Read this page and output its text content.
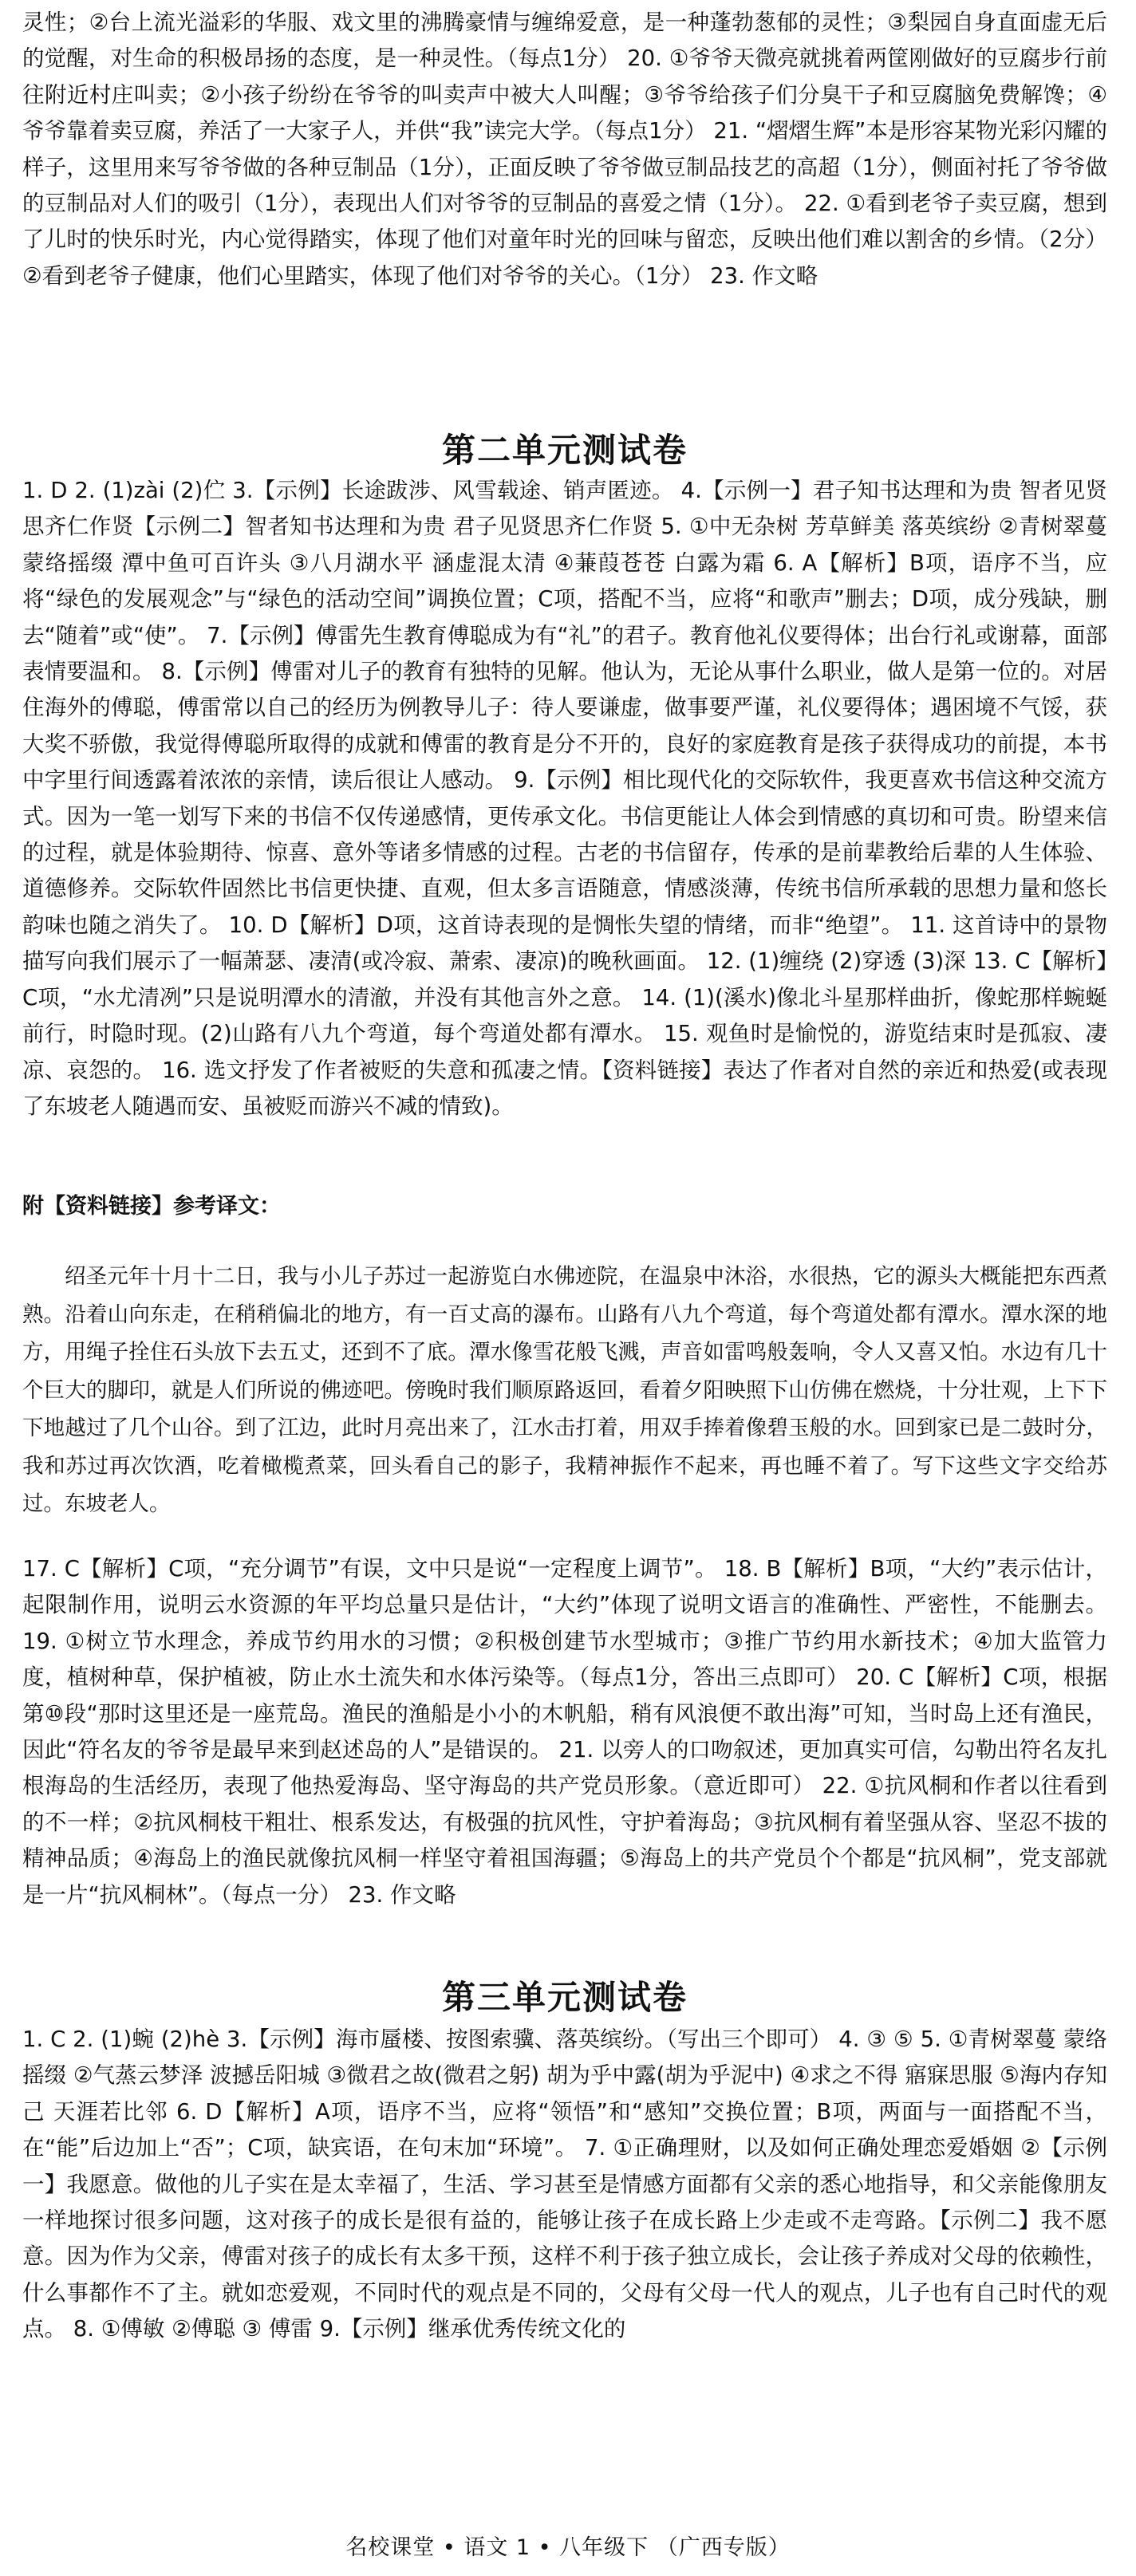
灵性；②台上流光溢彩的华服、戏文里的沸腾豪情与缠绵爱意，是一种蓬勃葱郁的灵性；③梨园自身直面虚无后的觉醒，对生命的积极昂扬的态度，是一种灵性。（每点1分） 20. ①爷爷天微亮就挑着两筐刚做好的豆腐步行前往附近村庄叫卖；②小孩子纷纷在爷爷的叫卖声中被大人叫醒；③爷爷给孩子们分臭干子和豆腐脑免费解馋；④爷爷靠着卖豆腐，养活了一大家子人，并供“我”读完大学。（每点1分） 21. “熠熠生辉”本是形容某物光彩闪耀的样子，这里用来写爷爷做的各种豆制品（1分），正面反映了爷爷做豆制品技艺的高超（1分），侧面衬托了爷爷做的豆制品对人们的吸引（1分），表现出人们对爷爷的豆制品的喜爱之情（1分）。 22. ①看到老爷子卖豆腐，想到了儿时的快乐时光，内心觉得踏实，体现了他们对童年时光的回味与留恋，反映出他们难以割舍的乡情。（2分）②看到老爷子健康，他们心里踏实，体现了他们对爷爷的关心。（1分） 23. 作文略

第二单元测试卷

1. D 2. (1)zài (2)伫 3.【示例】长途跋涉、风雪载途、销声匿迹。 4.【示例一】君子知书达理和为贵 智者见贤思齐仁作贤【示例二】智者知书达理和为贵 君子见贤思齐仁作贤 5. ①中无杂树 芳草鲜美 落英缤纷 ②青树翠蔓 蒙络摇缀 潭中鱼可百许头 ③八月湖水平 涵虚混太清 ④蒹葭苍苍 白露为霜 6. A【解析】B项，语序不当，应将“绿色的发展观念”与“绿色的活动空间”调换位置；C项，搭配不当，应将“和歌声”删去；D项，成分残缺，删去“随着”或“使”。 7.【示例】傅雷先生教育傅聪成为有“礼”的君子。教育他礼仪要得体；出台行礼或谢幕，面部表情要温和。 8.【示例】傅雷对儿子的教育有独特的见解。他认为，无论从事什么职业，做人是第一位的。对居住海外的傅聪，傅雷常以自己的经历为例教导儿子：待人要谦虚，做事要严谨，礼仪要得体；遇困境不气馁，获大奖不骄傲，我觉得傅聪所取得的成就和傅雷的教育是分不开的，良好的家庭教育是孩子获得成功的前提，本书中字里行间透露着浓浓的亲情，读后很让人感动。 9.【示例】相比现代化的交际软件，我更喜欢书信这种交流方式。因为一笔一划写下来的书信不仅传递感情，更传承文化。书信更能让人体会到情感的真切和可贵。盼望来信的过程，就是体验期待、惊喜、意外等诸多情感的过程。古老的书信留存，传承的是前辈教给后辈的人生体验、道德修养。交际软件固然比书信更快捷、直观，但太多言语随意，情感淡薄，传统书信所承载的思想力量和悠长韵味也随之消失了。 10. D【解析】D项，这首诗表现的是惆怅失望的情绪，而非“绝望”。 11. 这首诗中的景物描写向我们展示了一幅萧瑟、凄清(或冷寂、萧索、凄凉)的晚秋画面。 12. (1)缠绕 (2)穿透 (3)深 13. C【解析】C项，“水尤清冽”只是说明潭水的清澈，并没有其他言外之意。 14. (1)(溪水)像北斗星那样曲折，像蛇那样蜿蜒前行，时隐时现。(2)山路有八九个弯道，每个弯道处都有潭水。 15. 观鱼时是愉悦的，游览结束时是孤寂、凄凉、哀怨的。 16. 选文抒发了作者被贬的失意和孤凄之情。【资料链接】表达了作者对自然的亲近和热爱(或表现了东坡老人随遇而安、虽被贬而游兴不减的情致)。

附【资料链接】参考译文：

绍圣元年十月十二日，我与小儿子苏过一起游览白水佛迹院，在温泉中沐浴，水很热，它的源头大概能把东西煮熟。沿着山向东走，在稍稍偏北的地方，有一百丈高的瀑布。山路有八九个弯道，每个弯道处都有潭水。潭水深的地方，用绳子拴住石头放下去五丈，还到不了底。潭水像雪花般飞溅，声音如雷鸣般轰响，令人又喜又怕。水边有几十个巨大的脚印，就是人们所说的佛迹吧。傍晚时我们顺原路返回，看着夕阳映照下山仿佛在燃烧，十分壮观，上下下下地越过了几个山谷。到了江边，此时月亮出来了，江水击打着，用双手捧着像碧玉般的水。回到家已是二鼓时分，我和苏过再次饮酒，吃着橄榄煮菜，回头看自己的影子，我精神振作不起来，再也睡不着了。写下这些文字交给苏过。东坡老人。

17. C【解析】C项，“充分调节”有误，文中只是说“一定程度上调节”。 18. B【解析】B项，“大约”表示估计，起限制作用，说明云水资源的年平均总量只是估计，“大约”体现了说明文语言的准确性、严密性，不能删去。 19. ①树立节水理念，养成节约用水的习惯；②积极创建节水型城市；③推广节约用水新技术；④加大监管力度，植树种草，保护植被，防止水土流失和水体污染等。（每点1分，答出三点即可） 20. C【解析】C项，根据第⑩段“那时这里还是一座荒岛。渔民的渔船是小小的木帆船，稍有风浪便不敢出海”可知，当时岛上还有渔民，因此“符名友的爷爷是最早来到赵述岛的人”是错误的。 21. 以旁人的口吻叙述，更加真实可信，勾勒出符名友扎根海岛的生活经历，表现了他热爱海岛、坚守海岛的共产党员形象。（意近即可） 22. ①抗风桐和作者以往看到的不一样；②抗风桐枝干粗壮、根系发达，有极强的抗风性，守护着海岛；③抗风桐有着坚强从容、坚忍不拔的精神品质；④海岛上的渔民就像抗风桐一样坚守着祖国海疆；⑤海岛上的共产党员个个都是“抗风桐”，党支部就是一片“抗风桐林”。（每点一分） 23. 作文略

第三单元测试卷

1. C 2. (1)蜿 (2)hè 3.【示例】海市蜃楼、按图索骥、落英缤纷。（写出三个即可） 4. ③ ⑤ 5. ①青树翠蔓 蒙络摇缀 ②气蒸云梦泽 波撼岳阳城 ③微君之故(微君之躬) 胡为乎中露(胡为乎泥中) ④求之不得 寤寐思服 ⑤海内存知己 天涯若比邻 6. D【解析】A项，语序不当，应将“领悟”和“感知”交换位置；B项，两面与一面搭配不当，在“能”后边加上“否”；C项，缺宾语，在句末加“环境”。 7. ①正确理财，以及如何正确处理恋爱婚姻 ②【示例一】我愿意。做他的儿子实在是太幸福了，生活、学习甚至是情感方面都有父亲的悉心地指导，和父亲能像朋友一样地探讨很多问题，这对孩子的成长是很有益的，能够让孩子在成长路上少走或不走弯路。【示例二】我不愿意。因为作为父亲，傅雷对孩子的成长有太多干预，这样不利于孩子独立成长，会让孩子养成对父母的依赖性，什么事都作不了主。就如恋爱观，不同时代的观点是不同的，父母有父母一代人的观点，儿子也有自己时代的观点。 8. ①傅敏 ②傅聪 ③ 傅雷 9.【示例】继承优秀传统文化的

名校课堂 • 语文 1 • 八年级下 （广西专版）
